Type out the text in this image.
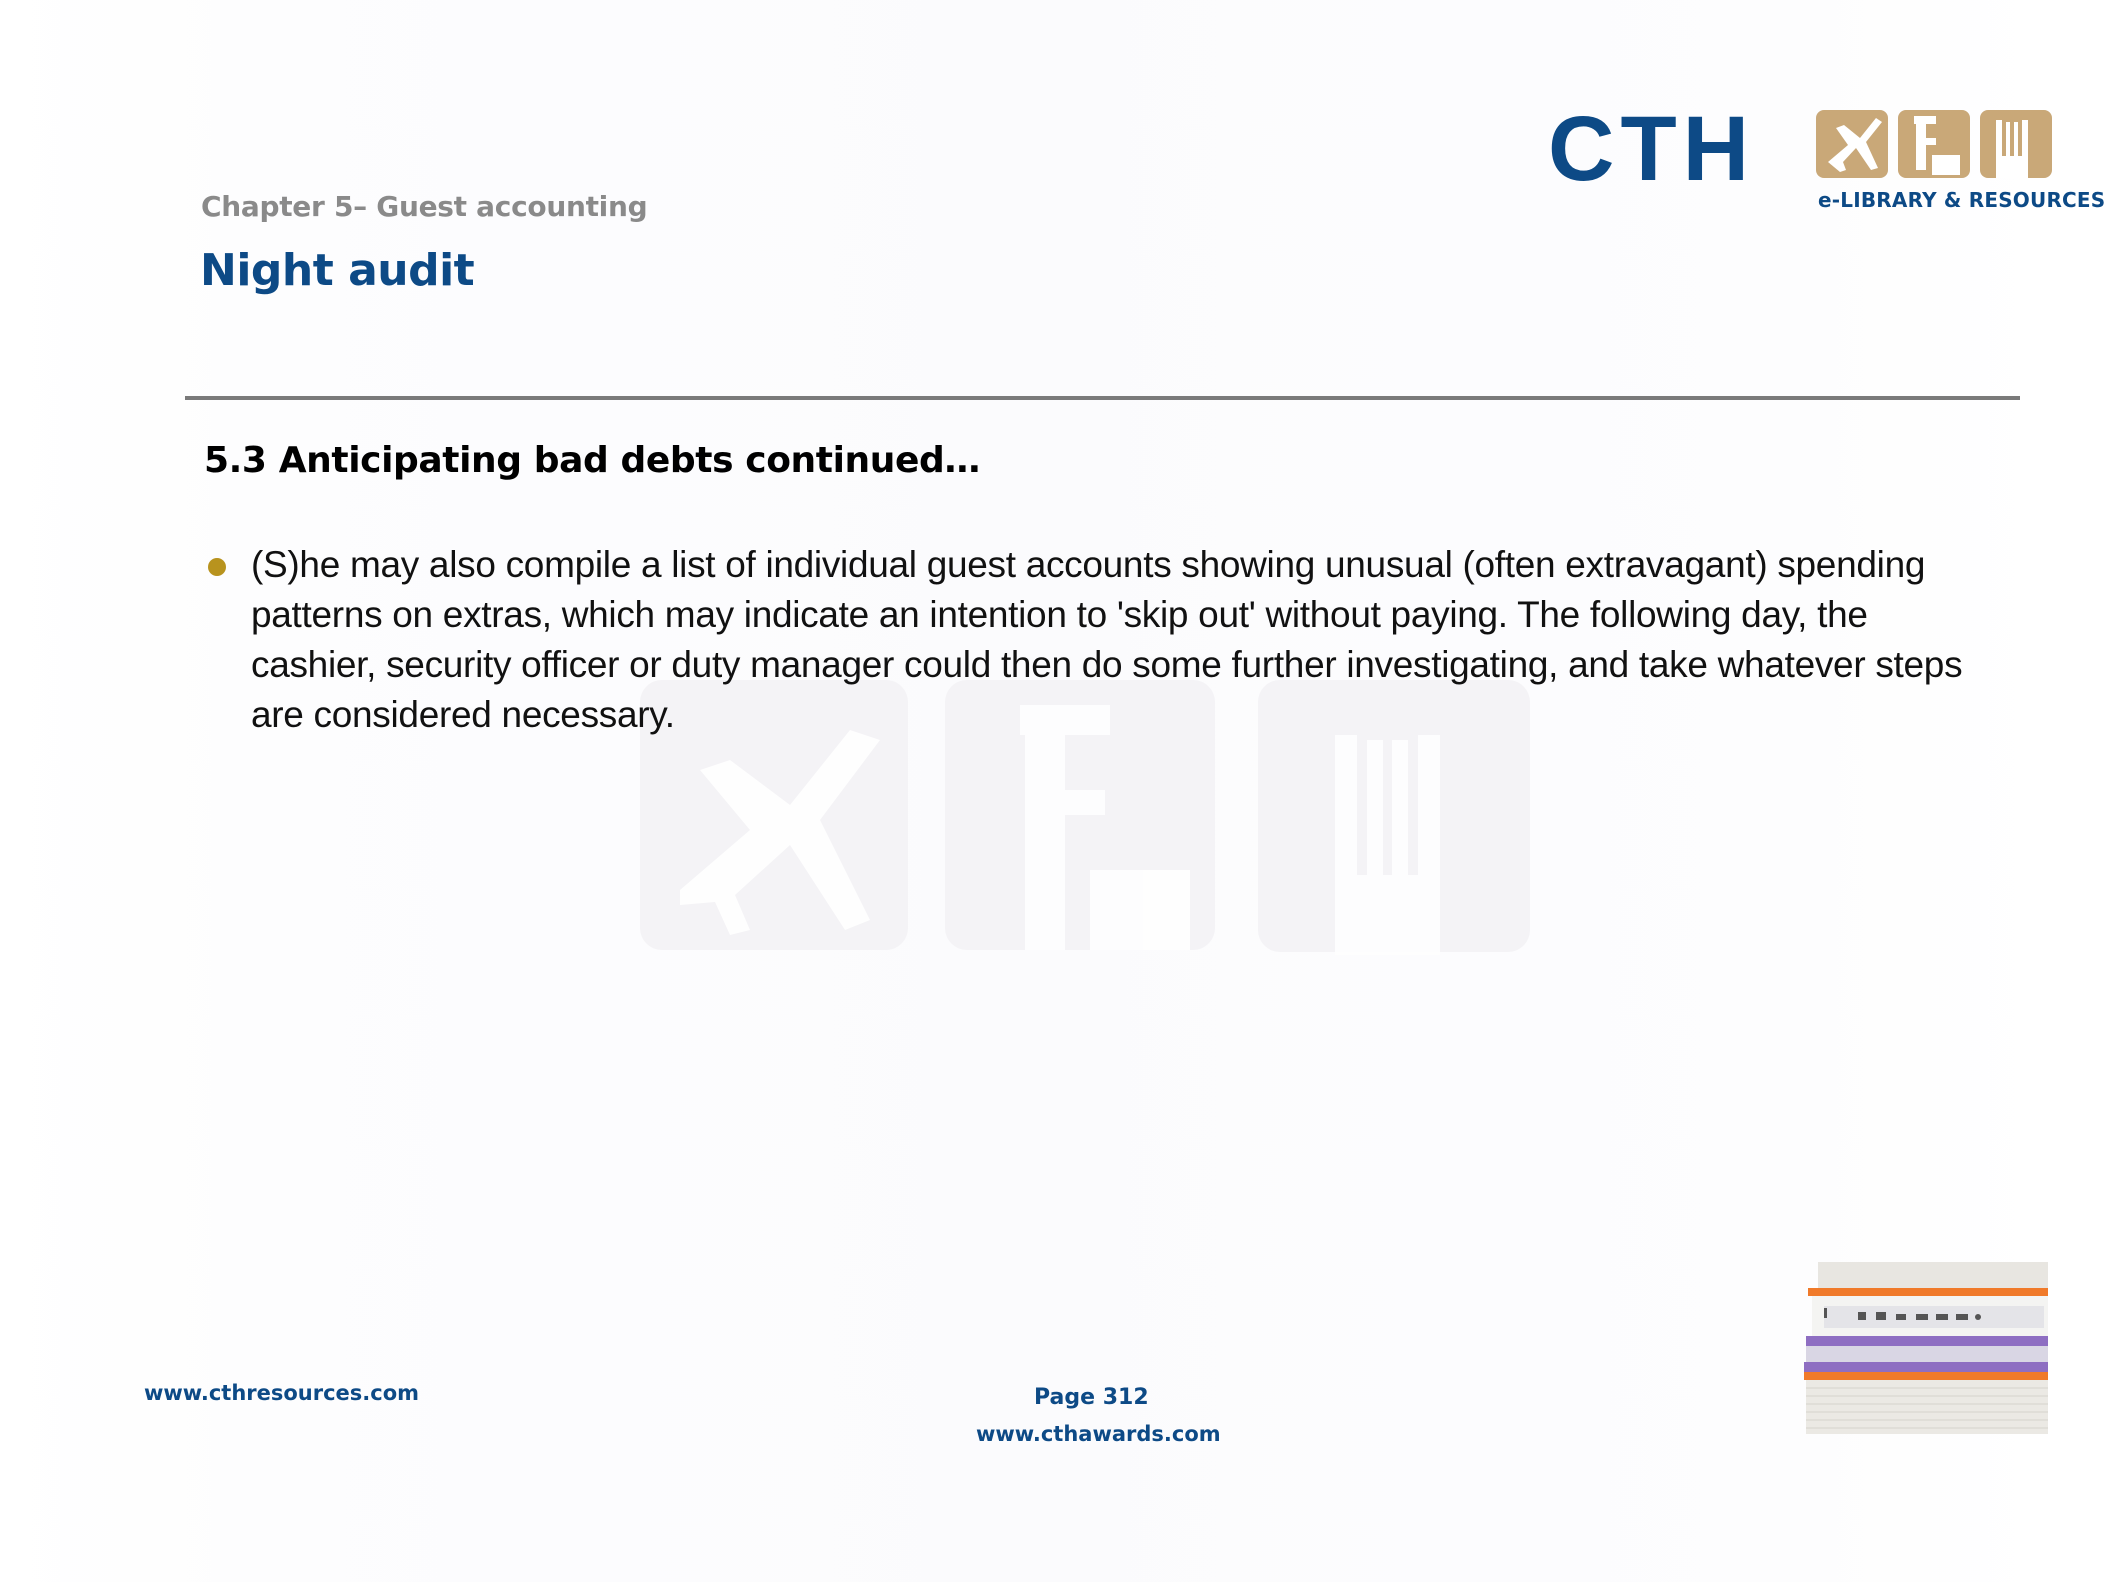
Chapter 5– Guest accounting
Night audit
CTH	e-LIBRARY & RESOURCES
5.3 Anticipating bad debts continued…
(S)he may also compile a list of individual guest accounts showing unusual (often extravagant) spending patterns on extras, which may indicate an intention to 'skip out' without paying. The following day, the cashier, security officer or duty manager could then do some further investigating, and take whatever steps are considered necessary.
www.cthresources.com	Page 312
www.cthawards.com
